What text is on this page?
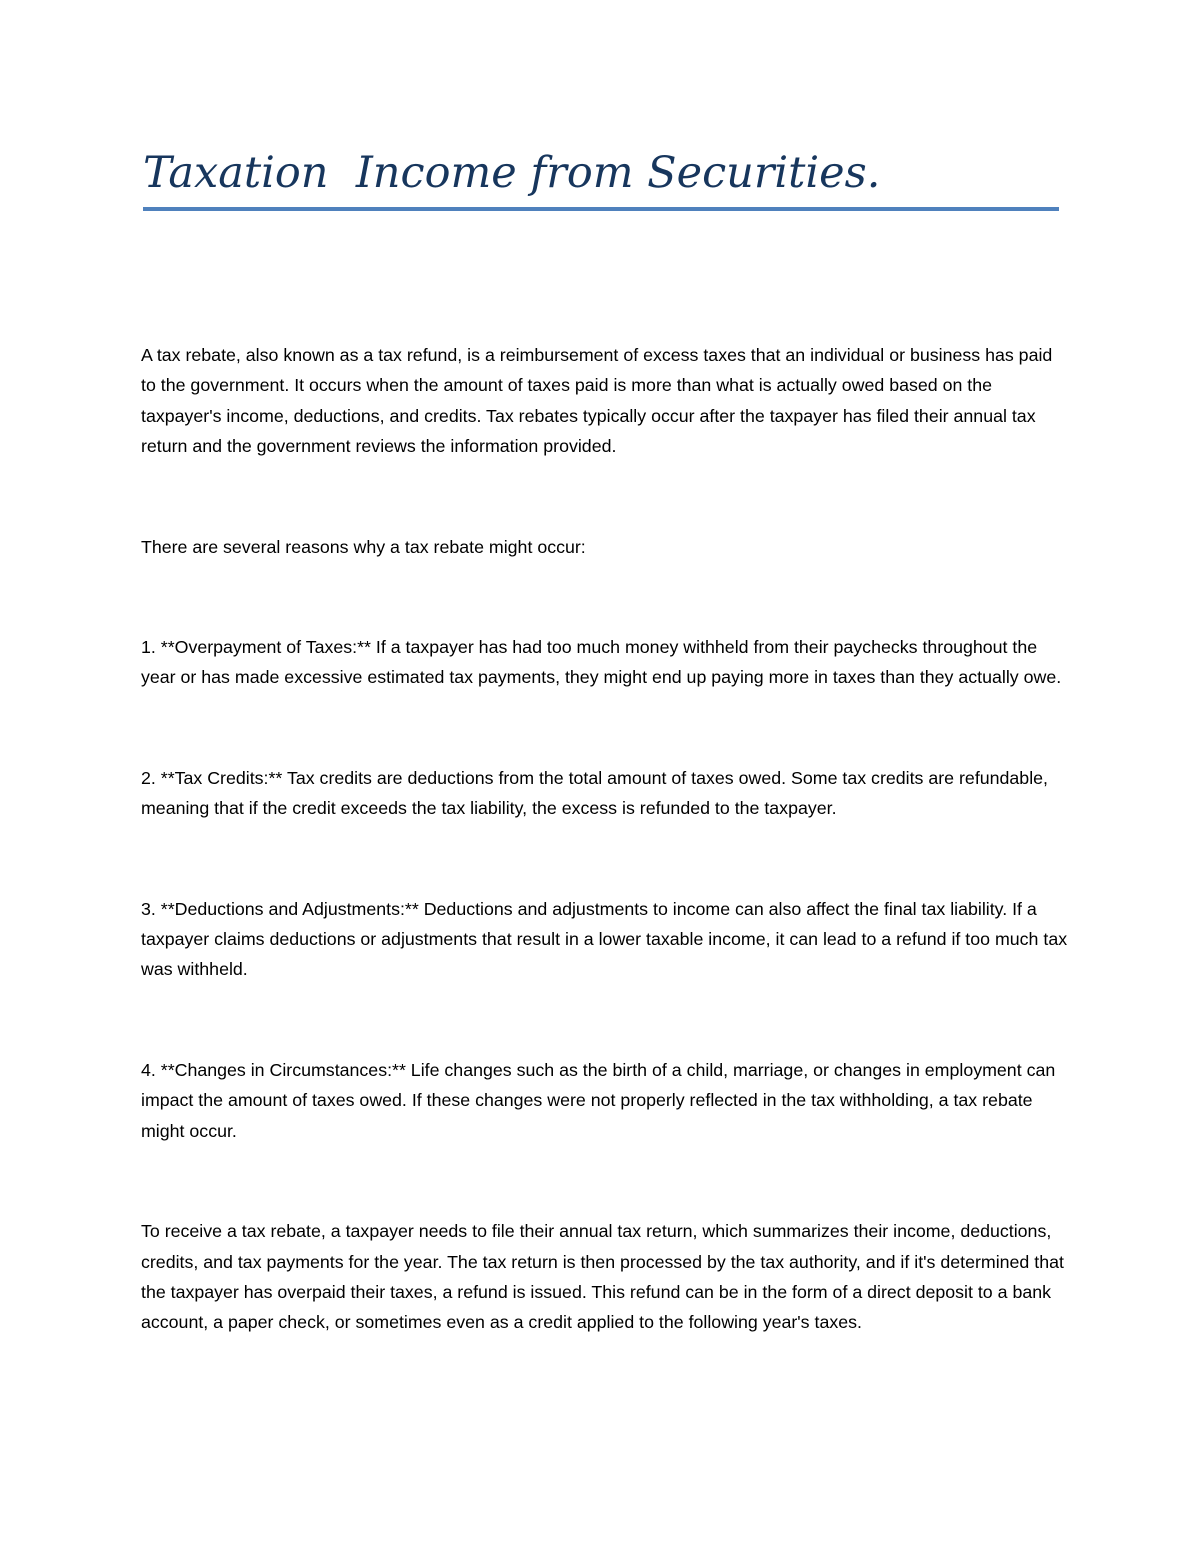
Taxation  Income from Securities.

A tax rebate, also known as a tax refund, is a reimbursement of excess taxes that an individual or business has paid to the government. It occurs when the amount of taxes paid is more than what is actually owed based on the taxpayer's income, deductions, and credits. Tax rebates typically occur after the taxpayer has filed their annual tax return and the government reviews the information provided.

There are several reasons why a tax rebate might occur:

1. **Overpayment of Taxes:** If a taxpayer has had too much money withheld from their paychecks throughout the year or has made excessive estimated tax payments, they might end up paying more in taxes than they actually owe.

2. **Tax Credits:** Tax credits are deductions from the total amount of taxes owed. Some tax credits are refundable, meaning that if the credit exceeds the tax liability, the excess is refunded to the taxpayer.

3. **Deductions and Adjustments:** Deductions and adjustments to income can also affect the final tax liability. If a taxpayer claims deductions or adjustments that result in a lower taxable income, it can lead to a refund if too much tax was withheld.

4. **Changes in Circumstances:** Life changes such as the birth of a child, marriage, or changes in employment can impact the amount of taxes owed. If these changes were not properly reflected in the tax withholding, a tax rebate might occur.

To receive a tax rebate, a taxpayer needs to file their annual tax return, which summarizes their income, deductions, credits, and tax payments for the year. The tax return is then processed by the tax authority, and if it's determined that the taxpayer has overpaid their taxes, a refund is issued. This refund can be in the form of a direct deposit to a bank account, a paper check, or sometimes even as a credit applied to the following year's taxes.
